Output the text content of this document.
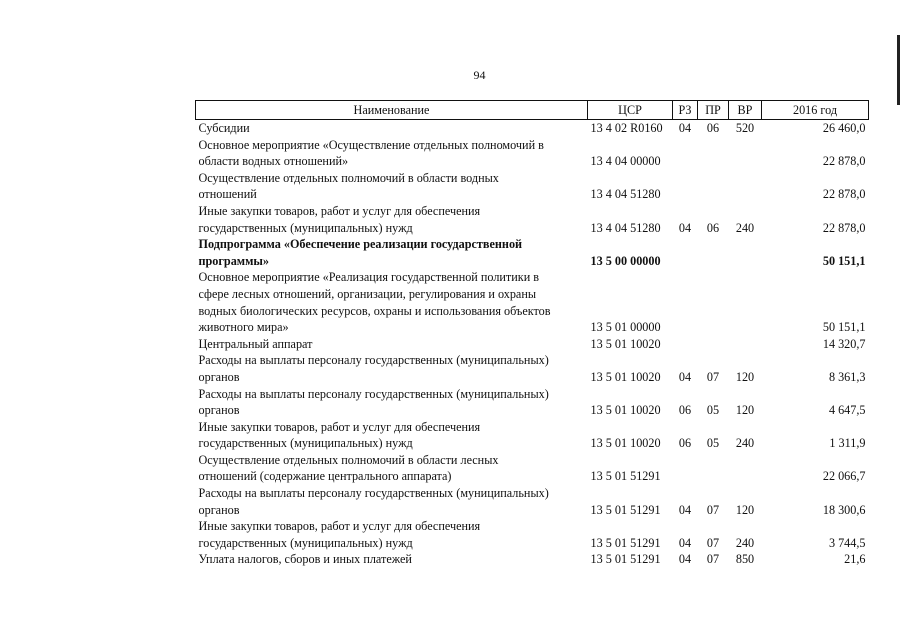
94
Наименование	ЦСР	РЗ	ПР	ВР	2016 год

Субсидии	13 4 02 R0160	04	06	520	26 460,0

Основное мероприятие «Осуществление отдельных полномочий в
области водных отношений»	13 4 04 00000				22 878,0

Осуществление отдельных полномочий в области водных
отношений	13 4 04 51280				22 878,0

Иные закупки товаров, работ и услуг для обеспечения
государственных (муниципальных) нужд	13 4 04 51280	04	06	240	22 878,0

Подпрограмма «Обеспечение реализации государственной
программы»	13 5 00 00000				50 151,1

Основное мероприятие «Реализация государственной политики в
сфере лесных отношений, организации, регулирования и охраны
водных биологических ресурсов, охраны и использования объектов
животного мира»	13 5 01 00000				50 151,1

Центральный аппарат	13 5 01 10020				14 320,7

Расходы на выплаты персоналу государственных (муниципальных)
органов	13 5 01 10020	04	07	120	8 361,3

Расходы на выплаты персоналу государственных (муниципальных)
органов	13 5 01 10020	06	05	120	4 647,5

Иные закупки товаров, работ и услуг для обеспечения
государственных (муниципальных) нужд	13 5 01 10020	06	05	240	1 311,9

Осуществление отдельных полномочий в области лесных
отношений (содержание центрального аппарата)	13 5 01 51291				22 066,7

Расходы на выплаты персоналу государственных (муниципальных)
органов	13 5 01 51291	04	07	120	18 300,6

Иные закупки товаров, работ и услуг для обеспечения
государственных (муниципальных) нужд	13 5 01 51291	04	07	240	3 744,5

Уплата налогов, сборов и иных платежей	13 5 01 51291	04	07	850	21,6
